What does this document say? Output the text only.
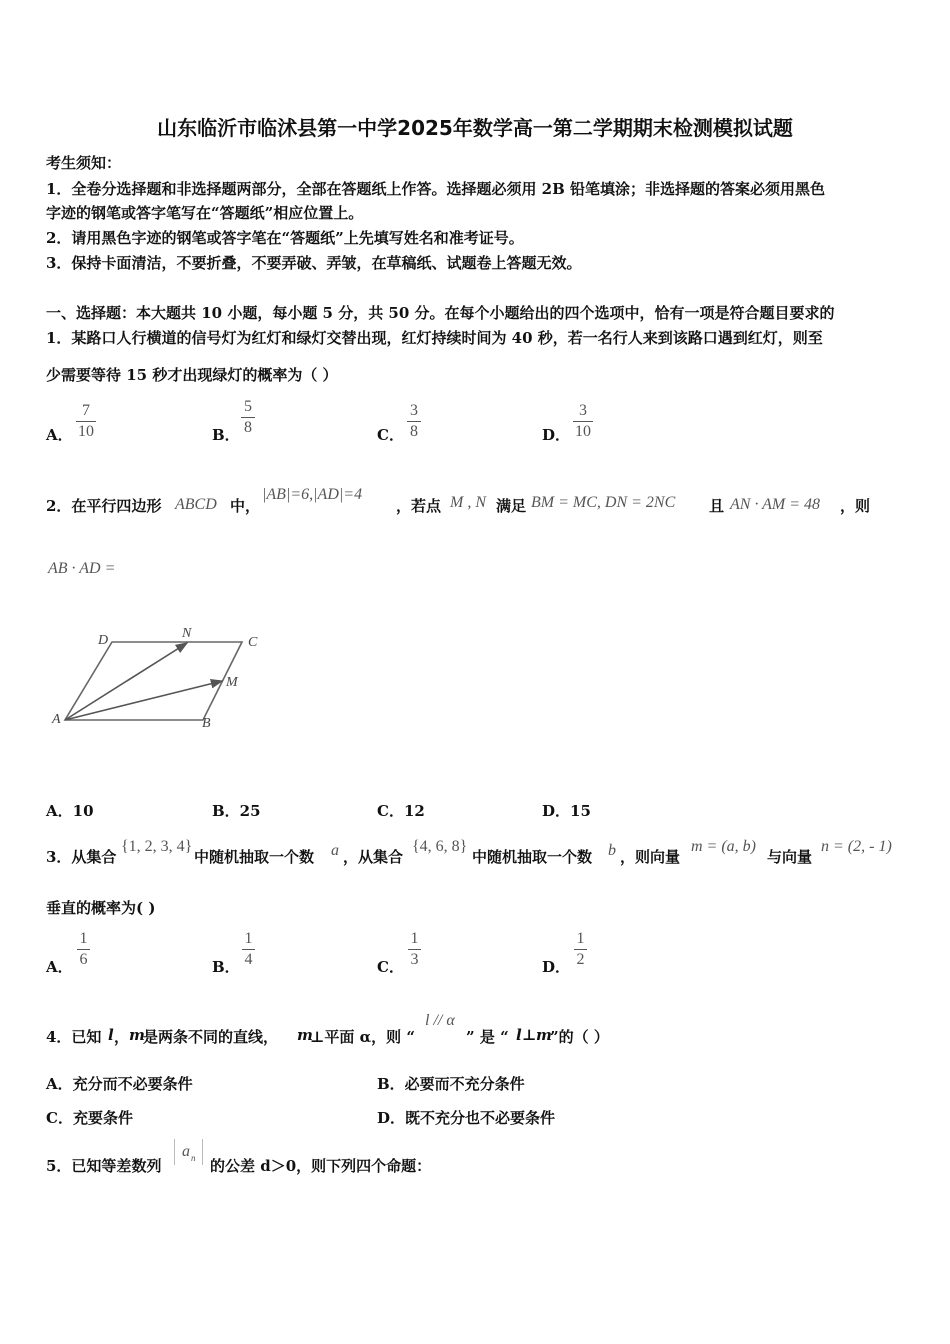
山东临沂市临沭县第一中学2025年数学高一第二学期期末检测模拟试题
考生须知：
1．全卷分选择题和非选择题两部分，全部在答题纸上作答。选择题必须用 2B 铅笔填涂；非选择题的答案必须用黑色
字迹的钢笔或答字笔写在“答题纸”相应位置上。
2．请用黑色字迹的钢笔或答字笔在“答题纸”上先填写姓名和准考证号。
3．保持卡面清洁，不要折叠，不要弄破、弄皱，在草稿纸、试题卷上答题无效。
一、选择题：本大题共 10 小题，每小题 5 分，共 50 分。在每个小题给出的四个选项中，恰有一项是符合题目要求的
1．某路口人行横道的信号灯为红灯和绿灯交替出现，红灯持续时间为 40 秒，若一名行人来到该路口遇到红灯，则至
少需要等待 15 秒才出现绿灯的概率为（ ）
A．
7
10	B．
5
8	C．
3
8	D．
3
10
2．在平行四边形 ABCD 中，
|AB|=6,|AD|=4
，若点 M , N 满足 BM = MC, DN = 2NC 且 AN · AM = 48 ，则
AB · AD =
D	N
C
M
A	B
A．10	B．25	C．12	D．15
3．从集合
{1, 2, 3, 4}
中随机抽取一个数 a ，从集合
{4, 6, 8}
中随机抽取一个数 b ，则向量
m = (a, b)
与向量
n = (2, - 1)
垂直的概率为( )
A．
1
6	B．
1
4	C．
1
3	D．
1
2
4．已知 l ， m
是两条不同的直线， m
⊥平面 α，则 “
l // α
” 是 “ l ⊥ m
”的（ ）
A．充分而不必要条件	B．必要而不充分条件
C．充要条件	D．既不充分也不必要条件
5．已知等差数列
a n 的公差 d＞0，则下列四个命题：
